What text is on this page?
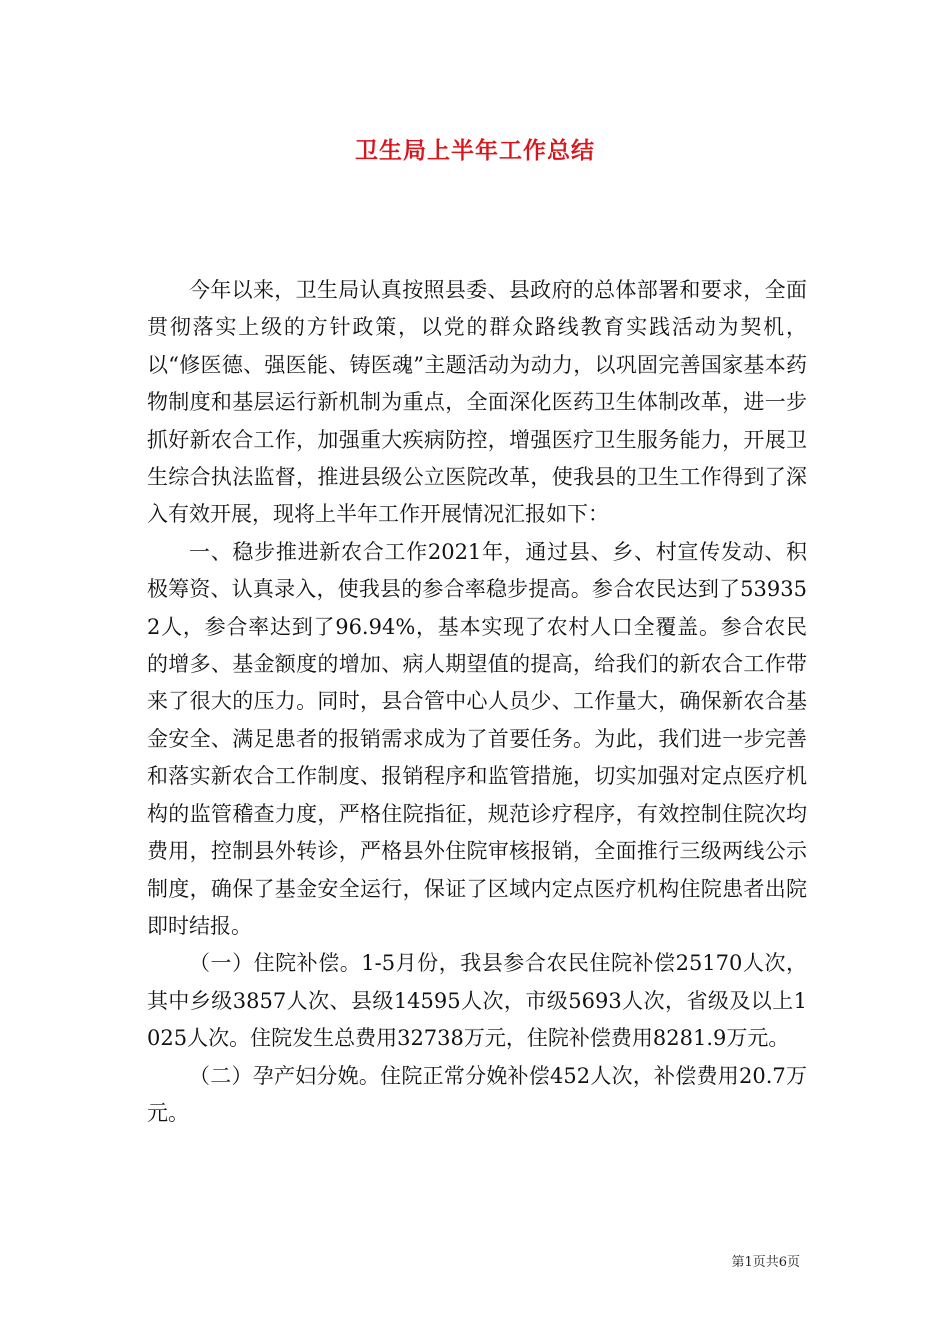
卫生局上半年工作总结

今年以来，卫生局认真按照县委、县政府的总体部署和要求，全面贯彻落实上级的方针政策，以党的群众路线教育实践活动为契机，以“修医德、强医能、铸医魂”主题活动为动力，以巩固完善国家基本药物制度和基层运行新机制为重点，全面深化医药卫生体制改革，进一步抓好新农合工作，加强重大疾病防控，增强医疗卫生服务能力，开展卫生综合执法监督，推进县级公立医院改革，使我县的卫生工作得到了深入有效开展，现将上半年工作开展情况汇报如下：

一、稳步推进新农合工作2021年，通过县、乡、村宣传发动、积极筹资、认真录入，使我县的参合率稳步提高。参合农民达到了539352人，参合率达到了96.94%，基本实现了农村人口全覆盖。参合农民的增多、基金额度的增加、病人期望值的提高，给我们的新农合工作带来了很大的压力。同时，县合管中心人员少、工作量大，确保新农合基金安全、满足患者的报销需求成为了首要任务。为此，我们进一步完善和落实新农合工作制度、报销程序和监管措施，切实加强对定点医疗机构的监管稽查力度，严格住院指征，规范诊疗程序，有效控制住院次均费用，控制县外转诊，严格县外住院审核报销，全面推行三级两线公示制度，确保了基金安全运行，保证了区域内定点医疗机构住院患者出院即时结报。

（一）住院补偿。1-5月份，我县参合农民住院补偿25170人次，其中乡级3857人次、县级14595人次，市级5693人次，省级及以上1025人次。住院发生总费用32738万元，住院补偿费用8281.9万元。

（二）孕产妇分娩。住院正常分娩补偿452人次，补偿费用20.7万元。

第1页共6页
